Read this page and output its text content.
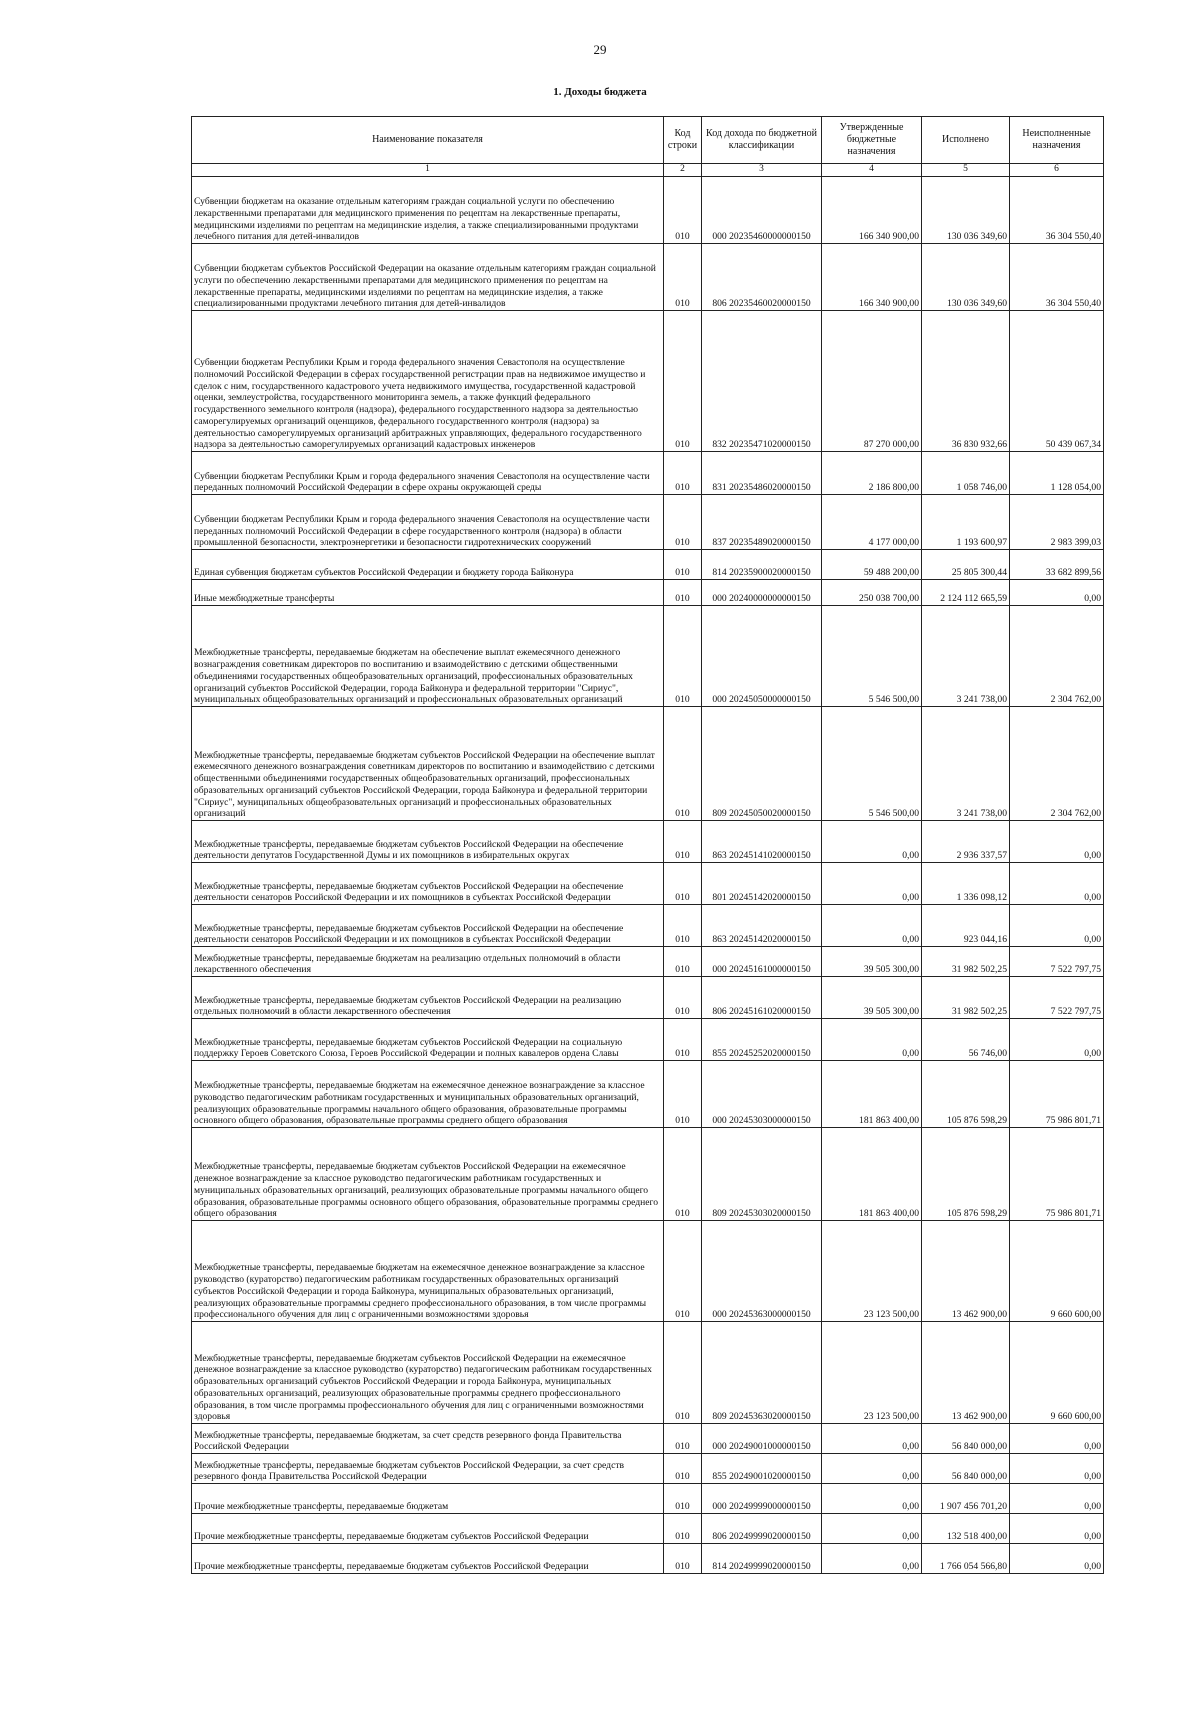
29
1. Доходы бюджета
Наименование показателя	Код строки	Код дохода по бюджетной классификации	Утвержденные бюджетные назначения	Исполнено	Неисполненные назначения
1	2	3	4	5	6
Субвенции бюджетам на оказание отдельным категориям граждан социальной услуги по обеспечению лекарственными препаратами для медицинского применения по рецептам на лекарственные препараты, медицинскими изделиями по рецептам на медицинские изделия, а также специализированными продуктами лечебного питания для детей-инвалидов	010	000 20235460000000150	166 340 900,00	130 036 349,60	36 304 550,40
Субвенции бюджетам субъектов Российской Федерации на оказание отдельным категориям граждан социальной услуги по обеспечению лекарственными препаратами для медицинского применения по рецептам на лекарственные препараты, медицинскими изделиями по рецептам на медицинские изделия, а также специализированными продуктами лечебного питания для детей-инвалидов	010	806 20235460020000150	166 340 900,00	130 036 349,60	36 304 550,40
Субвенции бюджетам Республики Крым и города федерального значения Севастополя на осуществление полномочий Российской Федерации в сферах государственной регистрации прав на недвижимое имущество и сделок с ним, государственного кадастрового учета недвижимого имущества, государственной кадастровой оценки, землеустройства, государственного мониторинга земель, а также функций федерального государственного земельного контроля (надзора), федерального государственного надзора за деятельностью саморегулируемых организаций оценщиков, федерального государственного контроля (надзора) за деятельностью саморегулируемых организаций арбитражных управляющих, федерального государственного надзора за деятельностью саморегулируемых организаций кадастровых инженеров	010	832 20235471020000150	87 270 000,00	36 830 932,66	50 439 067,34
Субвенции бюджетам Республики Крым и города федерального значения Севастополя на осуществление части переданных полномочий Российской Федерации в сфере охраны окружающей среды	010	831 20235486020000150	2 186 800,00	1 058 746,00	1 128 054,00
Субвенции бюджетам Республики Крым и города федерального значения Севастополя на осуществление части переданных полномочий Российской Федерации в сфере государственного контроля (надзора) в области промышленной безопасности, электроэнергетики и безопасности гидротехнических сооружений	010	837 20235489020000150	4 177 000,00	1 193 600,97	2 983 399,03
Единая субвенция бюджетам субъектов Российской Федерации и бюджету города Байконура	010	814 20235900020000150	59 488 200,00	25 805 300,44	33 682 899,56
Иные межбюджетные трансферты	010	000 20240000000000150	250 038 700,00	2 124 112 665,59	0,00
Межбюджетные трансферты, передаваемые бюджетам на обеспечение выплат ежемесячного денежного вознаграждения советникам директоров по воспитанию и взаимодействию с детскими общественными объединениями государственных общеобразовательных организаций, профессиональных образовательных организаций субъектов Российской Федерации, города Байконура и федеральной территории "Сириус", муниципальных общеобразовательных организаций и профессиональных образовательных организаций	010	000 20245050000000150	5 546 500,00	3 241 738,00	2 304 762,00
Межбюджетные трансферты, передаваемые бюджетам субъектов Российской Федерации на обеспечение выплат ежемесячного денежного вознаграждения советникам директоров по воспитанию и взаимодействию с детскими общественными объединениями государственных общеобразовательных организаций, профессиональных образовательных организаций субъектов Российской Федерации, города Байконура и федеральной территории "Сириус", муниципальных общеобразовательных организаций и профессиональных образовательных организаций	010	809 20245050020000150	5 546 500,00	3 241 738,00	2 304 762,00
Межбюджетные трансферты, передаваемые бюджетам субъектов Российской Федерации на обеспечение деятельности депутатов Государственной Думы и их помощников в избирательных округах	010	863 20245141020000150	0,00	2 936 337,57	0,00
Межбюджетные трансферты, передаваемые бюджетам субъектов Российской Федерации на обеспечение деятельности сенаторов Российской Федерации и их помощников в субъектах Российской Федерации	010	801 20245142020000150	0,00	1 336 098,12	0,00
Межбюджетные трансферты, передаваемые бюджетам субъектов Российской Федерации на обеспечение деятельности сенаторов Российской Федерации и их помощников в субъектах Российской Федерации	010	863 20245142020000150	0,00	923 044,16	0,00
Межбюджетные трансферты, передаваемые бюджетам на реализацию отдельных полномочий в области лекарственного обеспечения	010	000 20245161000000150	39 505 300,00	31 982 502,25	7 522 797,75
Межбюджетные трансферты, передаваемые бюджетам субъектов Российской Федерации на реализацию отдельных полномочий в области лекарственного обеспечения	010	806 20245161020000150	39 505 300,00	31 982 502,25	7 522 797,75
Межбюджетные трансферты, передаваемые бюджетам субъектов Российской Федерации на социальную поддержку Героев Советского Союза, Героев Российской Федерации и полных кавалеров ордена Славы	010	855 20245252020000150	0,00	56 746,00	0,00
Межбюджетные трансферты, передаваемые бюджетам на ежемесячное денежное вознаграждение за классное руководство педагогическим работникам государственных и муниципальных образовательных организаций, реализующих образовательные программы начального общего образования, образовательные программы основного общего образования, образовательные программы среднего общего образования	010	000 20245303000000150	181 863 400,00	105 876 598,29	75 986 801,71
Межбюджетные трансферты, передаваемые бюджетам субъектов Российской Федерации на ежемесячное денежное вознаграждение за классное руководство педагогическим работникам государственных и муниципальных образовательных организаций, реализующих образовательные программы начального общего образования, образовательные программы основного общего образования, образовательные программы среднего общего образования	010	809 20245303020000150	181 863 400,00	105 876 598,29	75 986 801,71
Межбюджетные трансферты, передаваемые бюджетам на ежемесячное денежное вознаграждение за классное руководство (кураторство) педагогическим работникам государственных образовательных организаций субъектов Российской Федерации и города Байконура, муниципальных образовательных организаций, реализующих образовательные программы среднего профессионального образования, в том числе программы профессионального обучения для лиц с ограниченными возможностями здоровья	010	000 20245363000000150	23 123 500,00	13 462 900,00	9 660 600,00
Межбюджетные трансферты, передаваемые бюджетам субъектов Российской Федерации на ежемесячное денежное вознаграждение за классное руководство (кураторство) педагогическим работникам государственных образовательных организаций субъектов Российской Федерации и города Байконура, муниципальных образовательных организаций, реализующих образовательные программы среднего профессионального образования, в том числе программы профессионального обучения для лиц с ограниченными возможностями здоровья	010	809 20245363020000150	23 123 500,00	13 462 900,00	9 660 600,00
Межбюджетные трансферты, передаваемые бюджетам, за счет средств резервного фонда Правительства Российской Федерации	010	000 20249001000000150	0,00	56 840 000,00	0,00
Межбюджетные трансферты, передаваемые бюджетам субъектов Российской Федерации, за счет средств резервного фонда Правительства Российской Федерации	010	855 20249001020000150	0,00	56 840 000,00	0,00
Прочие межбюджетные трансферты, передаваемые бюджетам	010	000 20249999000000150	0,00	1 907 456 701,20	0,00
Прочие межбюджетные трансферты, передаваемые бюджетам субъектов Российской Федерации	010	806 20249999020000150	0,00	132 518 400,00	0,00
Прочие межбюджетные трансферты, передаваемые бюджетам субъектов Российской Федерации	010	814 20249999020000150	0,00	1 766 054 566,80	0,00
